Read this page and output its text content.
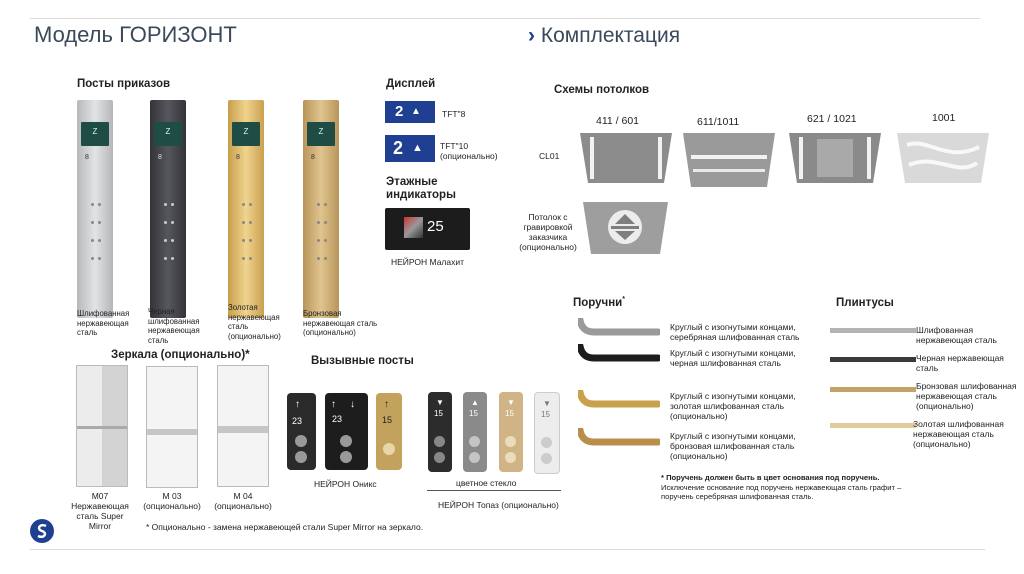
Модель ГОРИЗОНТ	› Комплектация
Посты приказов
Z
8
Z
8
Z
8
Z
8
Шлифованная нержавеющая сталь
Черная шлифованная нержавеющая сталь
Золотая нержавеющая сталь (опционально)
Бронзовая нержавеющая сталь (опционально)
Дисплей
2 ▲ TFT"8
2 ▲ TFT"10 (опционально)
Этажные индикаторы
25
НЕЙРОН Малахит
Схемы потолков
411 / 601	611/1011	621 / 1021	1001
CL01
Потолок с гравировкой заказчика (опционально)
Зеркала (опционально)*
М07 Нержавеющая сталь Super Mirror
М 03 (опционально)
М 04 (опционально)
* Опционально - замена нержавеющей стали Super Mirror на зеркало.
Вызывные посты
↑
23
↑ ↓
23
↑
15
НЕЙРОН Оникс
▼
15
▲
15
▼
15
▼
15
цветное стекло
НЕЙРОН Топаз (опционально)
Поручни*
Круглый с изогнутыми концами, серебряная шлифованная сталь
Круглый с изогнутыми концами, черная шлифованная сталь
Круглый с изогнутыми концами, золотая шлифованная сталь (опционально)
Круглый с изогнутыми концами, бронзовая шлифованная сталь (опционально)
* Поручень должен быть в цвет основания под поручень.
Исключение основание под поручень нержавеющая сталь графит – поручень серебряная шлифованная сталь.
Плинтусы
Шлифованная нержавеющая сталь
Черная нержавеющая сталь
Бронзовая шлифованная нержавеющая сталь (опционально)
Золотая шлифованная нержавеющая сталь (опционально)
